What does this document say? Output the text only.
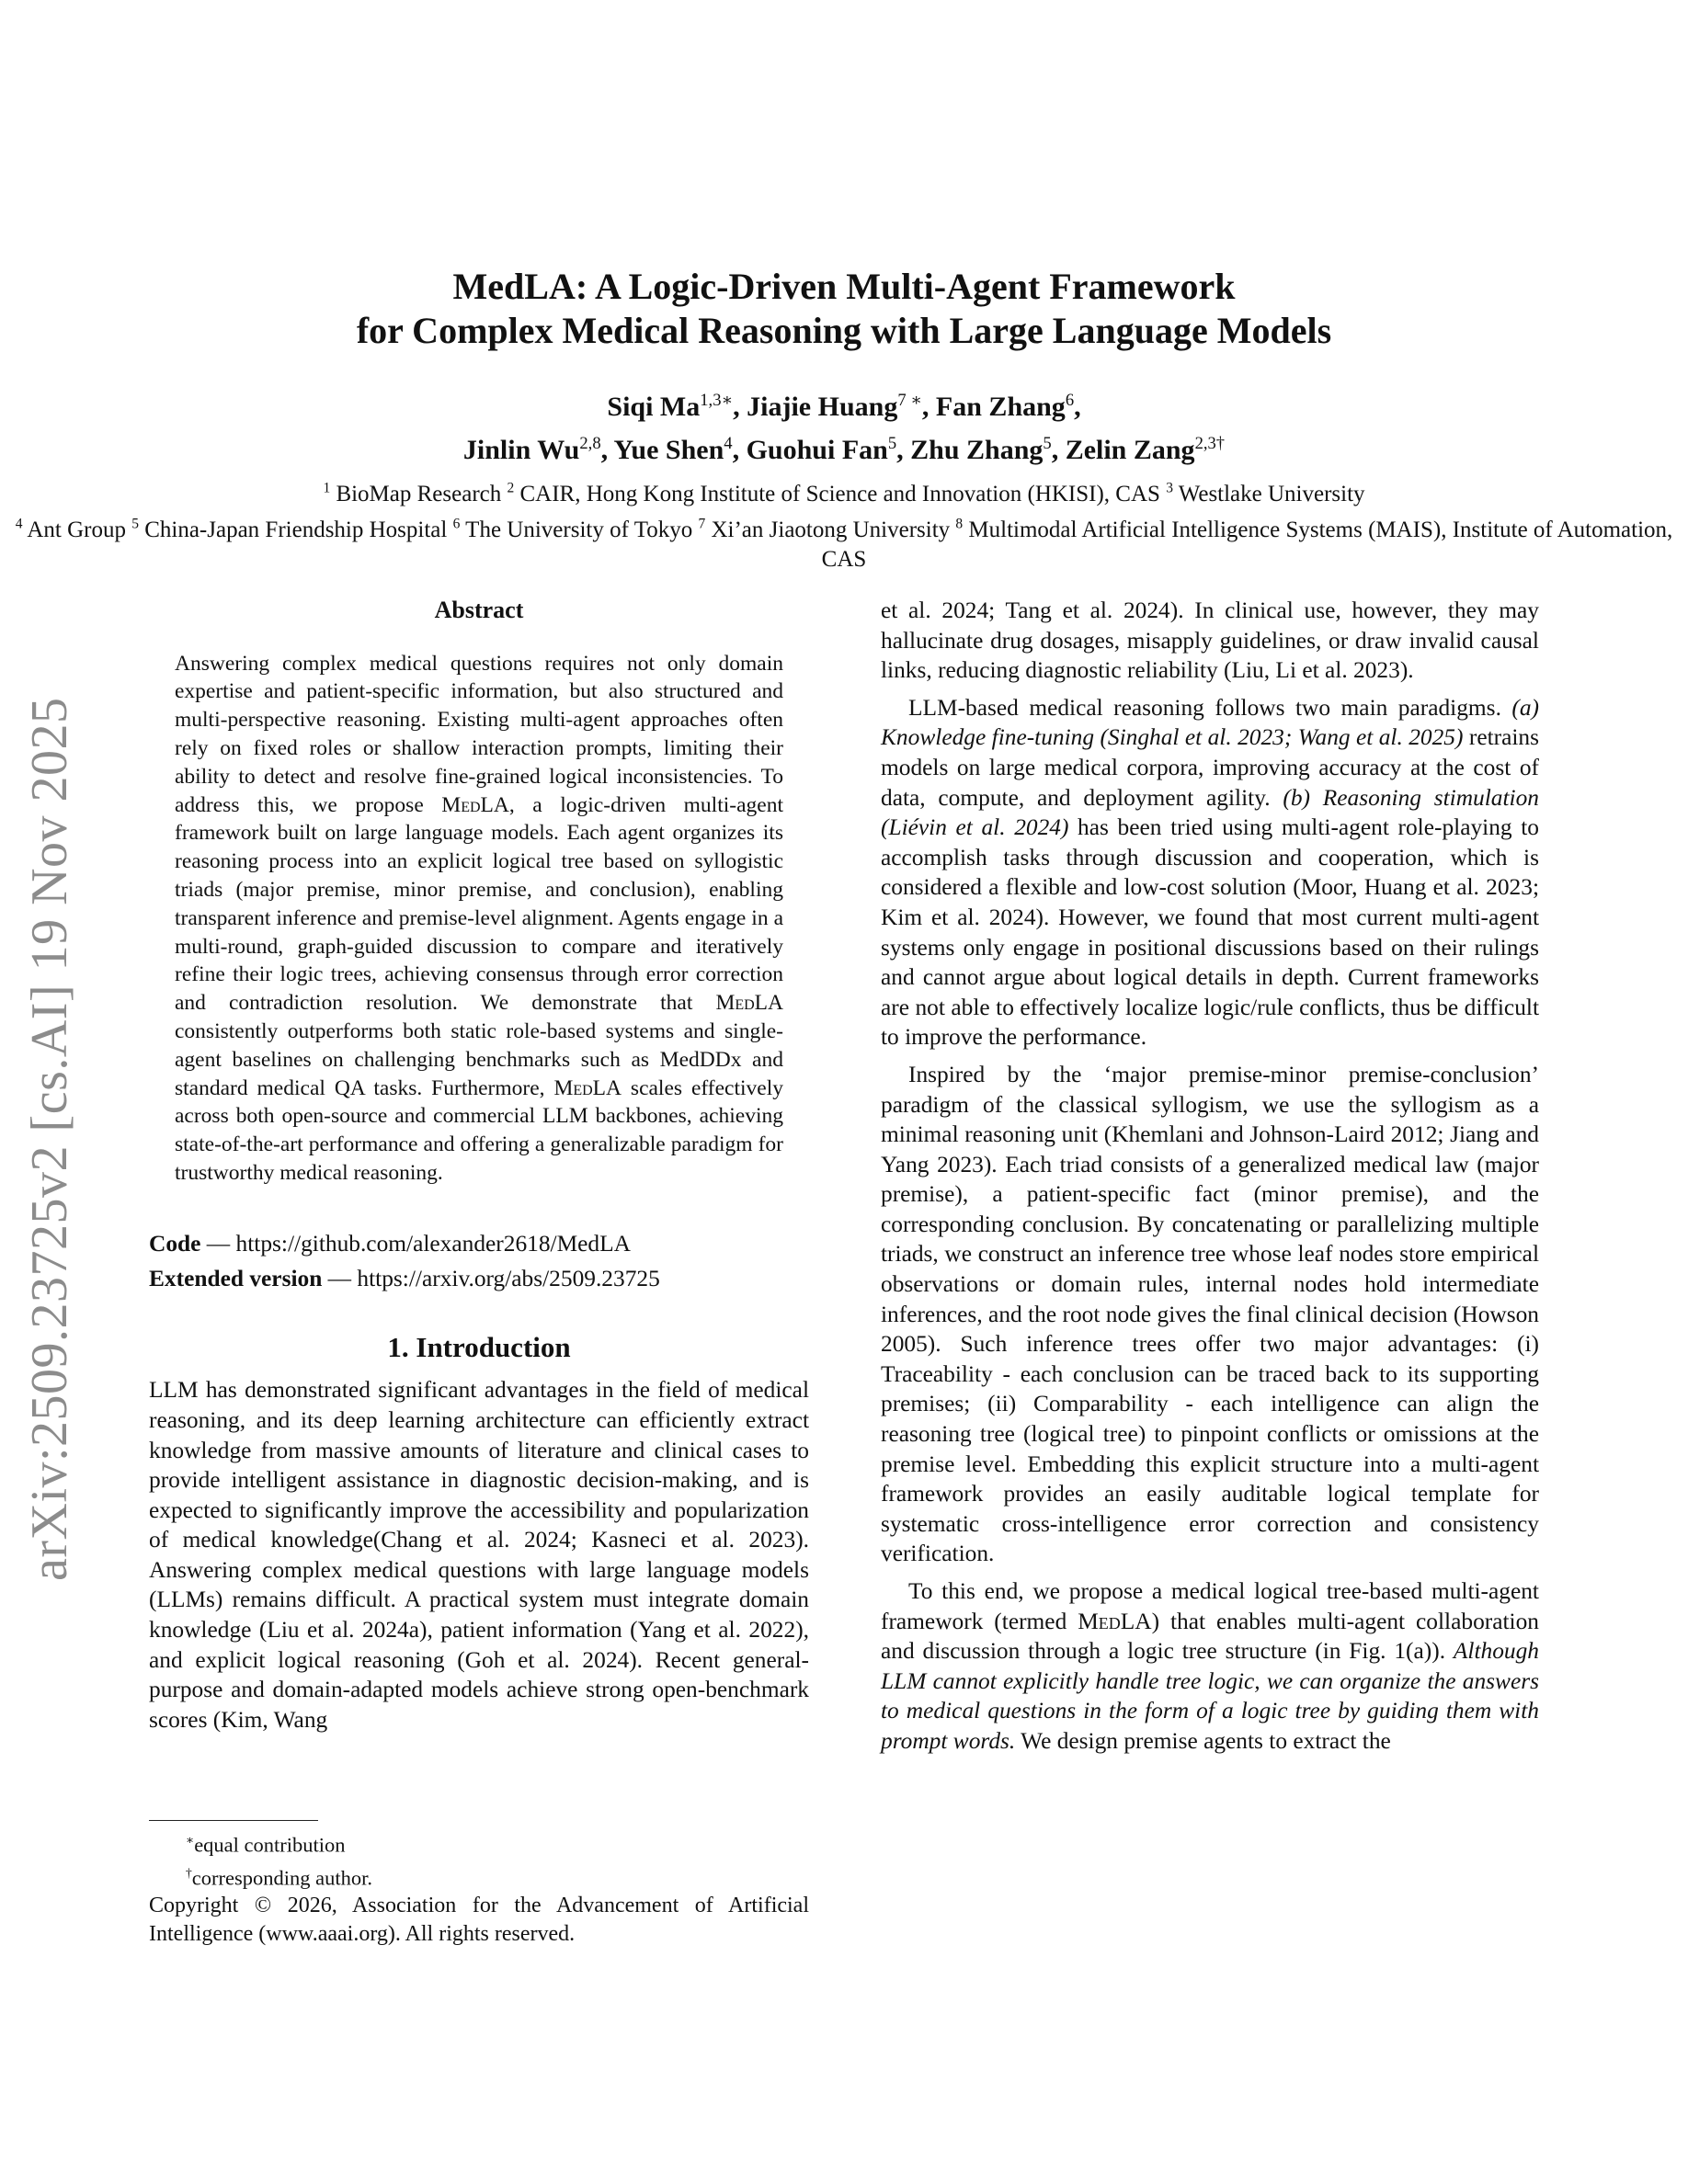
arXiv:2509.23725v2 [cs.AI] 19 Nov 2025
MedLA: A Logic-Driven Multi-Agent Framework
for Complex Medical Reasoning with Large Language Models
Siqi $Ma^{1,3∗}$, Jiajie Huang$^{7 ∗}$, Fan Zhang$^6$,
Jinlin Wu$^{2,8}$, Yue Shen$^4$, Guohui Fan$^5$, Zhu Zhang$^5$, Zelin Zang$^{2,3\dagger}$
$^1$ BioMap Research $^2$ CAIR, Hong Kong Institute of Science and Innovation (HKISI), CAS $^3$ Westlake University
$^4$ Ant Group $^5$ China-Japan Friendship Hospital $^6$ The University of Tokyo $^7$ Xi’an Jiaotong University $^8$ Multimodal Artificial Intelligence Systems (MAIS), Institute of Automation, CAS
Abstract
Answering complex medical questions requires not only domain expertise and patient-specific information, but also structured and multi-perspective reasoning. Existing multi-agent approaches often rely on fixed roles or shallow interaction prompts, limiting their ability to detect and resolve fine-grained logical inconsistencies. To address this, we propose MedLA, a logic-driven multi-agent framework built on large language models. Each agent organizes its reasoning process into an explicit logical tree based on syllogistic triads (major premise, minor premise, and conclusion), enabling transparent inference and premise-level alignment. Agents engage in a multi-round, graph-guided discussion to compare and iteratively refine their logic trees, achieving consensus through error correction and contradiction resolution. We demonstrate that MedLA consistently outperforms both static role-based systems and single-agent baselines on challenging benchmarks such as MedDDx and standard medical QA tasks. Furthermore, MedLA scales effectively across both open-source and commercial LLM backbones, achieving state-of-the-art performance and offering a generalizable paradigm for trustworthy medical reasoning.
Code — https://github.com/alexander2618/MedLA
Extended version — https://arxiv.org/abs/2509.23725
1. Introduction

LLM has demonstrated significant advantages in the field of medical reasoning, and its deep learning architecture can efficiently extract knowledge from massive amounts of literature and clinical cases to provide intelligent assistance in diagnostic decision-making, and is expected to significantly improve the accessibility and popularization of medical knowledge(Chang et al. 2024; Kasneci et al. 2023). Answering complex medical questions with large language models (LLMs) remains difficult. A practical system must integrate domain knowledge (Liu et al. 2024a), patient information (Yang et al. 2022), and explicit logical reasoning (Goh et al. 2024). Recent general-purpose and domain-adapted models achieve strong open-benchmark scores (Kim, Wang

et al. 2024; Tang et al. 2024). In clinical use, however, they may hallucinate drug dosages, misapply guidelines, or draw invalid causal links, reducing diagnostic reliability (Liu, Li et al. 2023).

LLM-based medical reasoning follows two main paradigms. (a) Knowledge fine-tuning (Singhal et al. 2023; Wang et al. 2025) retrains models on large medical corpora, improving accuracy at the cost of data, compute, and deployment agility. (b) Reasoning stimulation (Liévin et al. 2024) has been tried using multi-agent role-playing to accomplish tasks through discussion and cooperation, which is considered a flexible and low-cost solution (Moor, Huang et al. 2023; Kim et al. 2024). However, we found that most current multi-agent systems only engage in positional discussions based on their rulings and cannot argue about logical details in depth. Current frameworks are not able to effectively localize logic/rule conflicts, thus be difficult to improve the performance.

Inspired by the ‘major premise-minor premise-conclusion’ paradigm of the classical syllogism, we use the syllogism as a minimal reasoning unit (Khemlani and Johnson-Laird 2012; Jiang and Yang 2023). Each triad consists of a generalized medical law (major premise), a patient-specific fact (minor premise), and the corresponding conclusion. By concatenating or parallelizing multiple triads, we construct an inference tree whose leaf nodes store empirical observations or domain rules, internal nodes hold intermediate inferences, and the root node gives the final clinical decision (Howson 2005). Such inference trees offer two major advantages: (i) Traceability - each conclusion can be traced back to its supporting premises; (ii) Comparability - each intelligence can align the reasoning tree (logical tree) to pinpoint conflicts or omissions at the premise level. Embedding this explicit structure into a multi-agent framework provides an easily auditable logical template for systematic cross-intelligence error correction and consistency verification.

To this end, we propose a medical logical tree-based multi-agent framework (termed MedLA) that enables multi-agent collaboration and discussion through a logic tree structure (in Fig. 1(a)). Although LLM cannot explicitly handle tree logic, we can organize the answers to medical questions in the form of a logic tree by guiding them with prompt words. We design premise agents to extract the

∗equal contribution
†corresponding author.
Copyright © 2026, Association for the Advancement of Artificial Intelligence (www.aaai.org). All rights reserved.
